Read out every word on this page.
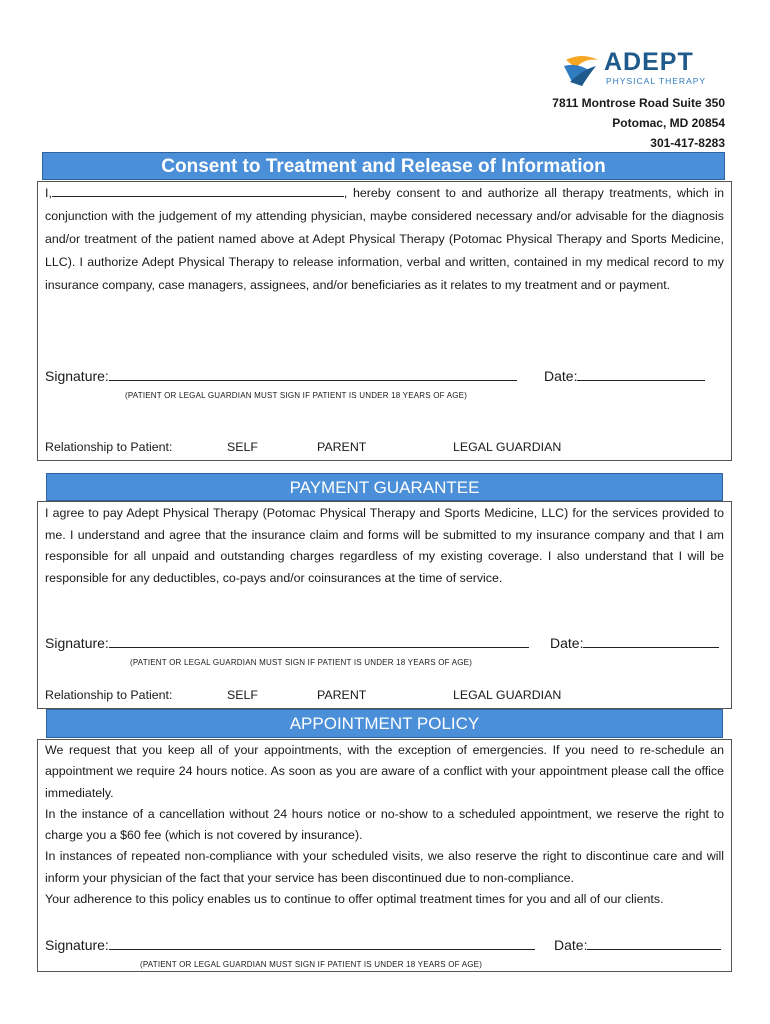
ADEPT
PHYSICAL THERAPY
7811 Montrose Road Suite 350
Potomac, MD 20854
301-417-8283
Consent to Treatment and Release of Information
I,	, hereby consent to and authorize all therapy treatments, which in conjunction with the judgement of my attending physician, maybe considered necessary and/or advisable for the diagnosis and/or treatment of the patient named above at Adept Physical Therapy (Potomac Physical Therapy and Sports Medicine, LLC). I authorize Adept Physical Therapy to release information, verbal and written, contained in my medical record to my insurance company, case managers, assignees, and/or beneficiaries as it relates to my treatment and or payment.
Signature:	Date:
(PATIENT OR LEGAL GUARDIAN MUST SIGN IF PATIENT IS UNDER 18 YEARS OF AGE)
Relationship to Patient:	SELF	PARENT	LEGAL GUARDIAN
PAYMENT GUARANTEE
I agree to pay Adept Physical Therapy (Potomac Physical Therapy and Sports Medicine, LLC) for the services provided to me. I understand and agree that the insurance claim and forms will be submitted to my insurance company and that I am responsible for all unpaid and outstanding charges regardless of my existing coverage. I also understand that I will be responsible for any deductibles, co-pays and/or coinsurances at the time of service.
Signature:	Date:
(PATIENT OR LEGAL GUARDIAN MUST SIGN IF PATIENT IS UNDER 18 YEARS OF AGE)
Relationship to Patient:	SELF	PARENT	LEGAL GUARDIAN
APPOINTMENT POLICY

We request that you keep all of your appointments, with the exception of emergencies. If you need to re-schedule an appointment we require 24 hours notice. As soon as you are aware of a conflict with your appointment please call the office immediately.

In the instance of a cancellation without 24 hours notice or no-show to a scheduled appointment, we reserve the right to charge you a $60 fee (which is not covered by insurance).

In instances of repeated non-compliance with your scheduled visits, we also reserve the right to discontinue care and will inform your physician of the fact that your service has been discontinued due to non-compliance.

Your adherence to this policy enables us to continue to offer optimal treatment times for you and all of our clients.

Signature:	Date:
(PATIENT OR LEGAL GUARDIAN MUST SIGN IF PATIENT IS UNDER 18 YEARS OF AGE)
